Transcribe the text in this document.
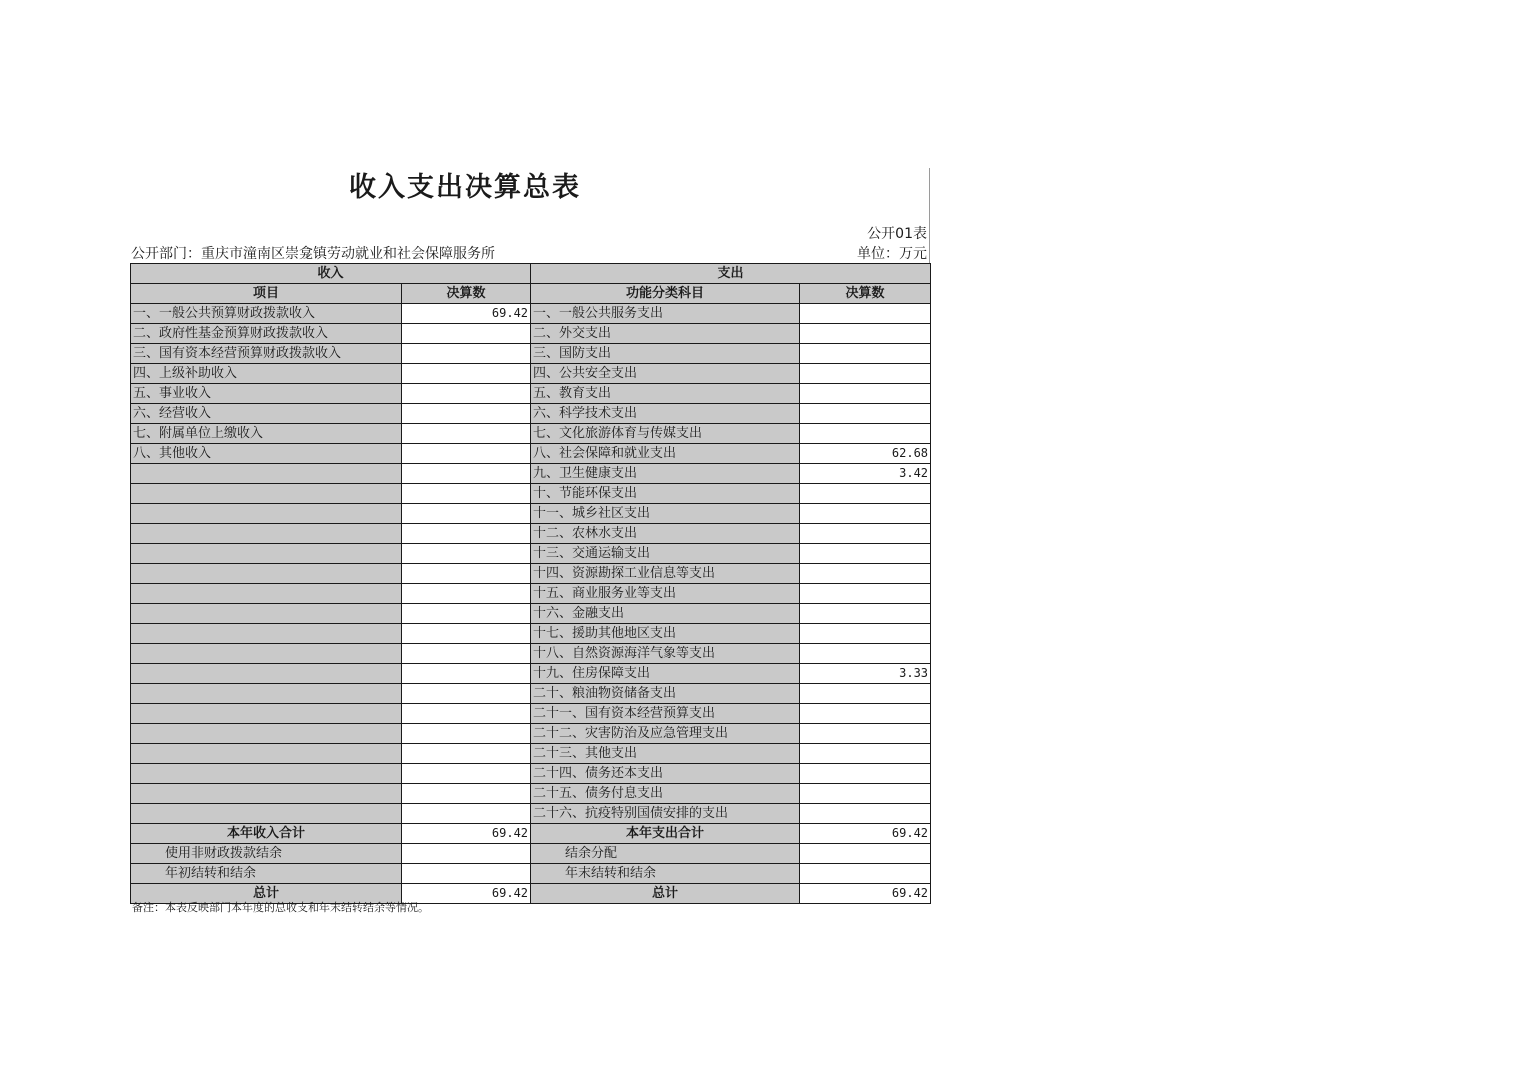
收入支出决算总表
公开01表
公开部门：重庆市潼南区崇龛镇劳动就业和社会保障服务所	单位：万元
收入		支出	
项目	决算数	功能分类科目	决算数
一、一般公共预算财政拨款收入	69.42	一、一般公共服务支出	
二、政府性基金预算财政拨款收入		二、外交支出	
三、国有资本经营预算财政拨款收入		三、国防支出	
四、上级补助收入		四、公共安全支出	
五、事业收入		五、教育支出	
六、经营收入		六、科学技术支出	
七、附属单位上缴收入		七、文化旅游体育与传媒支出	
八、其他收入		八、社会保障和就业支出	62.68
		九、卫生健康支出	3.42
		十、节能环保支出	
		十一、城乡社区支出	
		十二、农林水支出	
		十三、交通运输支出	
		十四、资源勘探工业信息等支出	
		十五、商业服务业等支出	
		十六、金融支出	
		十七、援助其他地区支出	
		十八、自然资源海洋气象等支出	
		十九、住房保障支出	3.33
		二十、粮油物资储备支出	
		二十一、国有资本经营预算支出	
		二十二、灾害防治及应急管理支出	
		二十三、其他支出	
		二十四、债务还本支出	
		二十五、债务付息支出	
		二十六、抗疫特别国债安排的支出	
本年收入合计	69.42	本年支出合计	69.42
使用非财政拨款结余		结余分配	
年初结转和结余		年末结转和结余	
总计	69.42	总计	69.42
备注：本表反映部门本年度的总收支和年末结转结余等情况。
